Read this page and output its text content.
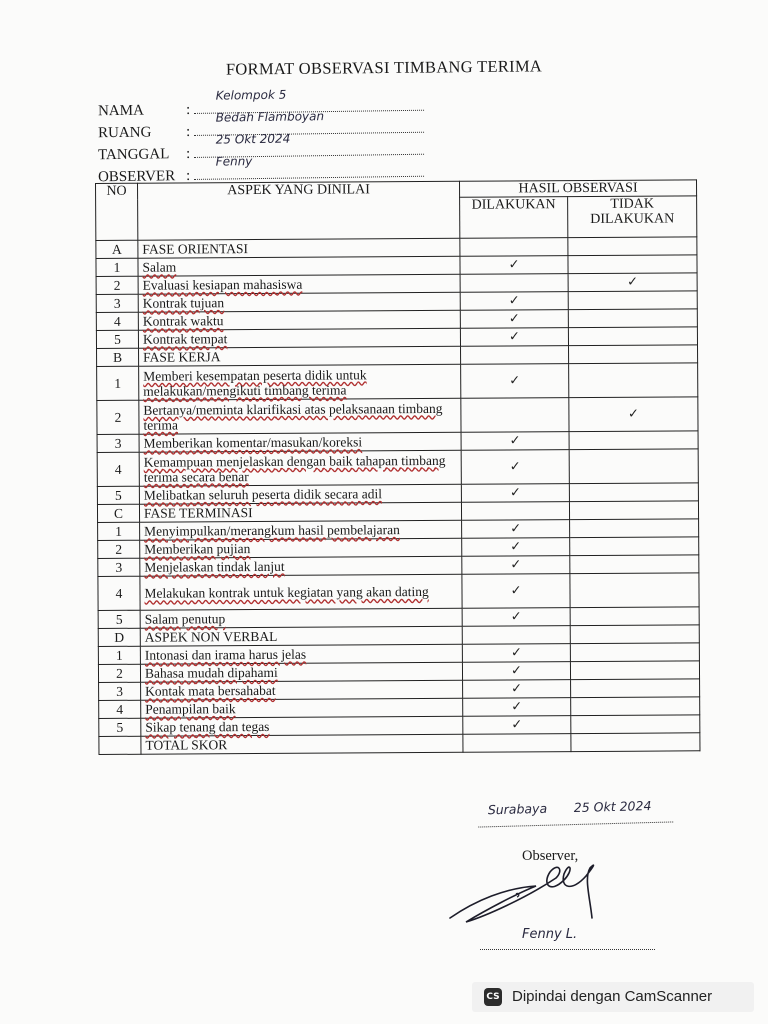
FORMAT OBSERVASI TIMBANG TERIMA
NAMA	:
Kelompok 5
RUANG :
Bedah Flamboyan
TANGGAL :
25 Okt 2024
OBSERVER :
Fenny
NO	ASPEK YANG DINILAI	HASIL OBSERVASI	
		DILAKUKAN	TIDAK DILAKUKAN
A	FASE ORIENTASI		
1	Salam	✓	
2	Evaluasi kesiapan mahasiswa		✓
3	Kontrak tujuan	✓	
4	Kontrak waktu	✓	
5	Kontrak tempat	✓	
B	FASE KERJA		
1	Memberi kesempatan peserta didik untuk melakukan/mengikuti timbang terima	✓	
2	Bertanya/meminta klarifikasi atas pelaksanaan timbang terima		✓
3	Memberikan komentar/masukan/koreksi	✓	
4	Kemampuan menjelaskan dengan baik tahapan timbang terima secara benar	✓	
5	Melibatkan seluruh peserta didik secara adil	✓	
C	FASE TERMINASI		
1	Menyimpulkan/merangkum hasil pembelajaran	✓	
2	Memberikan pujian	✓	
3	Menjelaskan tindak lanjut	✓	
4	Melakukan kontrak untuk kegiatan yang akan dating	✓	
5	Salam penutup	✓	
D	ASPEK NON VERBAL		
1	Intonasi dan irama harus jelas	✓	
2	Bahasa mudah dipahami	✓	
3	Kontak mata bersahabat	✓	
4	Penampilan baik	✓	
5	Sikap tenang dan tegas	✓	
	TOTAL SKOR		
Surabaya 25 Okt 2024
Observer,
Fenny L.
CS Dipindai dengan CamScanner
